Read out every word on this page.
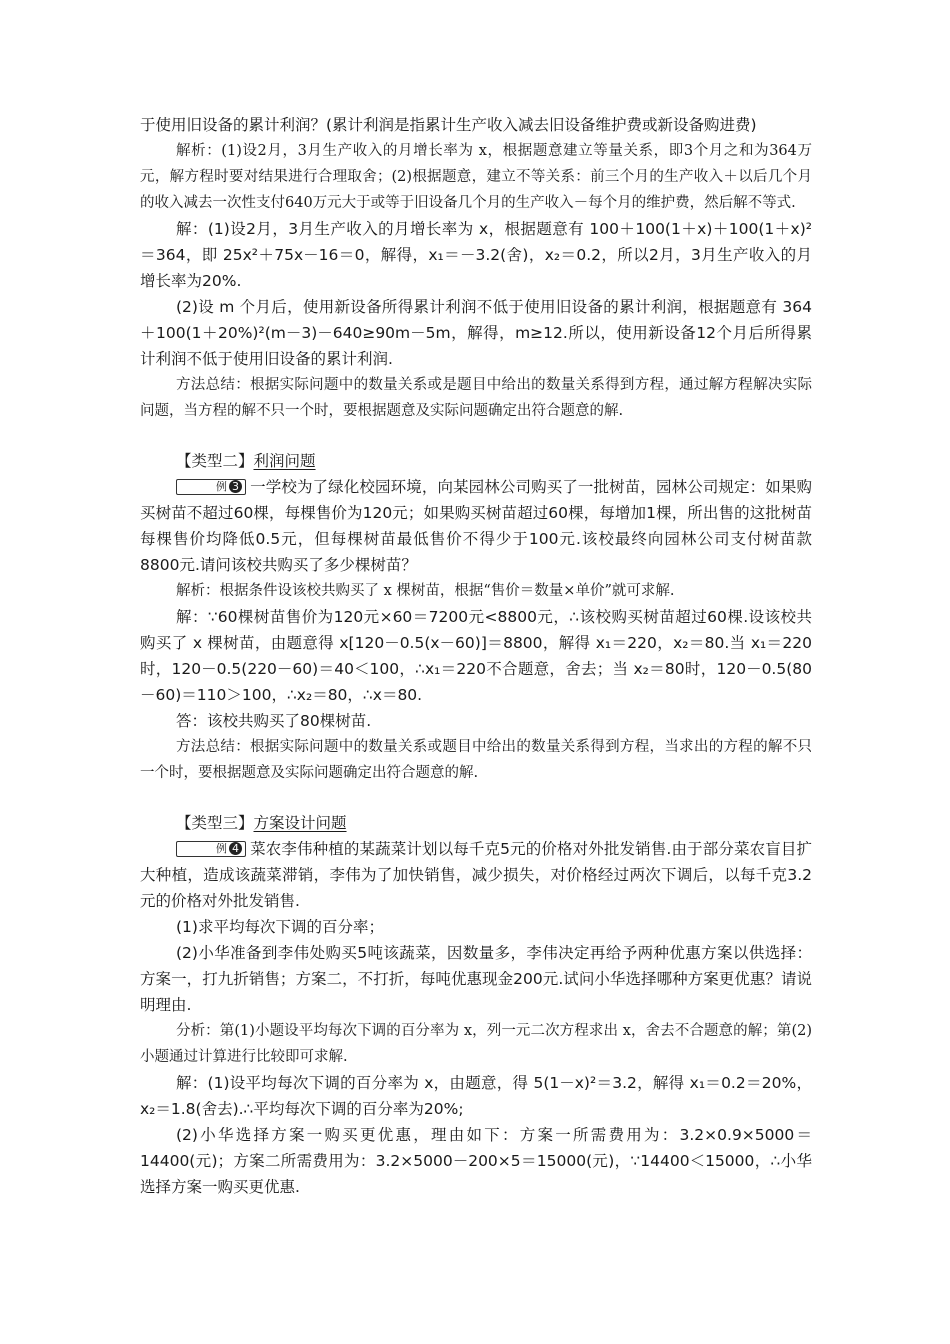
于使用旧设备的累计利润？(累计利润是指累计生产收入减去旧设备维护费或新设备购进费)

解析：(1)设2月，3月生产收入的月增长率为 x，根据题意建立等量关系，即3个月之和为364万元，解方程时要对结果进行合理取舍；(2)根据题意，建立不等关系：前三个月的生产收入＋以后几个月的收入减去一次性支付640万元大于或等于旧设备几个月的生产收入－每个月的维护费，然后解不等式.

解：(1)设2月，3月生产收入的月增长率为 x，根据题意有 100＋100(1＋x)＋100(1＋x)²＝364，即 25x²＋75x－16＝0，解得，x₁＝－3.2(舍)，x₂＝0.2，所以2月，3月生产收入的月增长率为20%.

(2)设 m 个月后，使用新设备所得累计利润不低于使用旧设备的累计利润，根据题意有 364＋100(1＋20%)²(m－3)－640≥90m－5m，解得，m≥12.所以，使用新设备12个月后所得累计利润不低于使用旧设备的累计利润.

方法总结：根据实际问题中的数量关系或是题目中给出的数量关系得到方程，通过解方程解决实际问题，当方程的解不只一个时，要根据题意及实际问题确定出符合题意的解.

【类型二】利润问题

例 3 一学校为了绿化校园环境，向某园林公司购买了一批树苗，园林公司规定：如果购买树苗不超过60棵，每棵售价为120元；如果购买树苗超过60棵，每增加1棵，所出售的这批树苗每棵售价均降低0.5元，但每棵树苗最低售价不得少于100元.该校最终向园林公司支付树苗款8800元.请问该校共购买了多少棵树苗？

解析：根据条件设该校共购买了 x 棵树苗，根据“售价＝数量×单价”就可求解.

解：∵60棵树苗售价为120元×60＝7200元<8800元，∴该校购买树苗超过60棵.设该校共购买了 x 棵树苗，由题意得 x[120－0.5(x－60)]＝8800，解得 x₁＝220，x₂＝80.当 x₁＝220时，120－0.5(220－60)＝40＜100，∴x₁＝220不合题意，舍去；当 x₂＝80时，120－0.5(80－60)＝110＞100，∴x₂＝80，∴x＝80.

答：该校共购买了80棵树苗.

方法总结：根据实际问题中的数量关系或题目中给出的数量关系得到方程，当求出的方程的解不只一个时，要根据题意及实际问题确定出符合题意的解.

【类型三】方案设计问题

例 4 菜农李伟种植的某蔬菜计划以每千克5元的价格对外批发销售.由于部分菜农盲目扩大种植，造成该蔬菜滞销，李伟为了加快销售，减少损失，对价格经过两次下调后，以每千克3.2元的价格对外批发销售.

(1)求平均每次下调的百分率；

(2)小华准备到李伟处购买5吨该蔬菜，因数量多，李伟决定再给予两种优惠方案以供选择：方案一，打九折销售；方案二，不打折，每吨优惠现金200元.试问小华选择哪种方案更优惠？请说明理由.

分析：第(1)小题设平均每次下调的百分率为 x，列一元二次方程求出 x，舍去不合题意的解；第(2)小题通过计算进行比较即可求解.

解：(1)设平均每次下调的百分率为 x，由题意，得 5(1－x)²＝3.2，解得 x₁＝0.2＝20%，x₂＝1.8(舍去).∴平均每次下调的百分率为20%;

(2)小华选择方案一购买更优惠，理由如下：方案一所需费用为：3.2×0.9×5000＝14400(元)；方案二所需费用为：3.2×5000－200×5＝15000(元)，∵14400＜15000，∴小华选择方案一购买更优惠.
